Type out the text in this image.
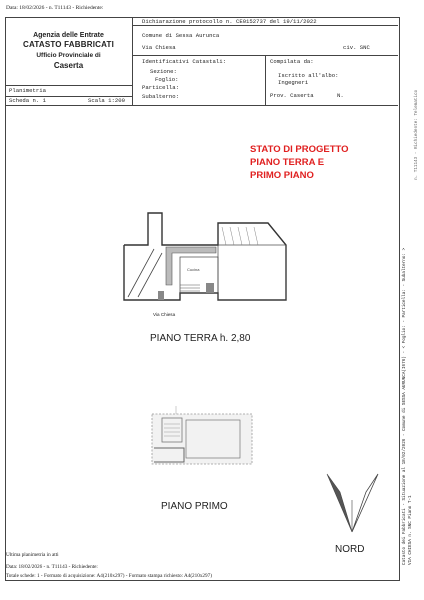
Data: 18/02/2026 - n. T11143 - Richiedente:
Agenzia delle Entrate
CATASTO FABBRICATI
Ufficio Provinciale di
Caserta
Dichiarazione protocollo n. CE0152737 del 19/11/2022
Comune di Sessa Aurunca
Via Chiesa	civ. SNC
Identificativi Catastali:
Sezione:
Foglio:
Particella:
Subalterno:
Compilata da:
Iscritto all'albo:
Ingegneri
Prov. Caserta	N.
Planimetria
Scheda n. 1	Scala 1:200
STATO DI PROGETTO
PIANO TERRA E
PRIMO PIANO
Cucina
Via Chiesa
PIANO TERRA h. 2,80
PIANO PRIMO
NORD	Catasto dei Fabbricati - Situazione al 18/02/2026 - Comune di SESSA AURUNCA(I676) - < Foglio: - Particella: - Subalterno: > VIA CHIESA n. SNC Piano T-1
n. T11143 - Richiedente: Telematico
Ultima planimetria in atti
Data: 18/02/2026 - n. T11143 - Richiedente:
Totale schede: 1 - Formato di acquisizione: A4(210x297) - Formato stampa richiesto: A4(210x297)
